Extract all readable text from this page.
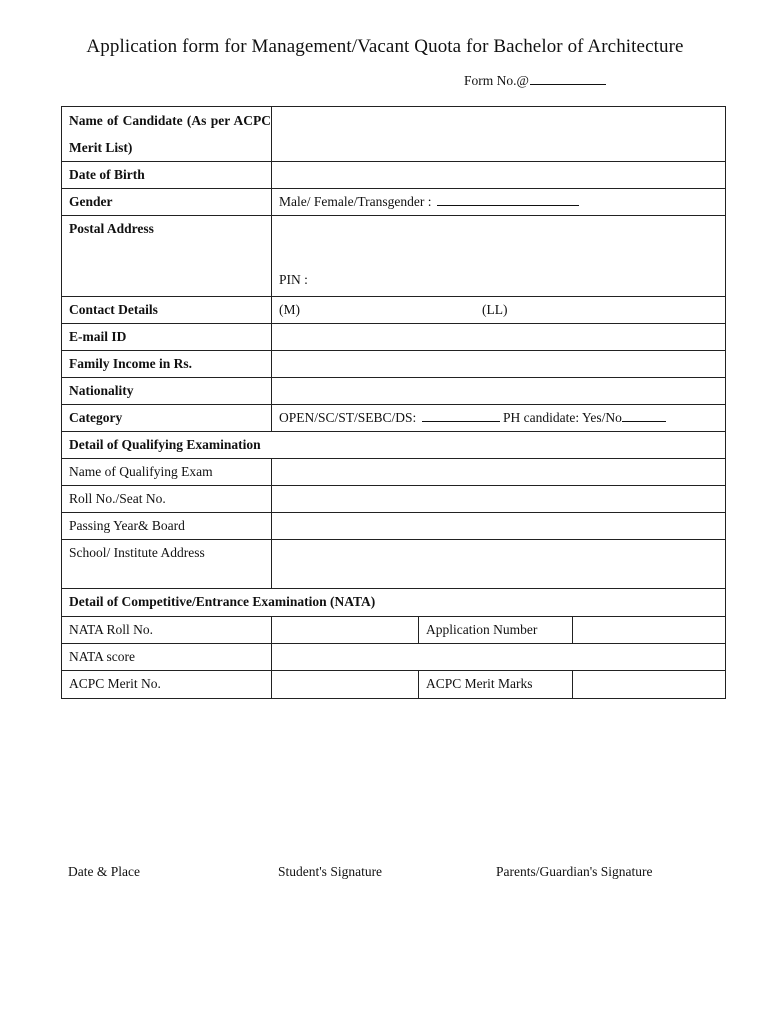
Application form for Management/Vacant Quota for Bachelor of Architecture
Form No.@
Name of Candidate (As per ACPC Merit List)			
Date of Birth			
Gender	Male/ Female/Transgender :		
Postal Address	PIN :		

Contact Details	(M) (LL)		

E-mail ID			
Family Income in Rs.			
Nationality			
Category	OPEN/SC/ST/SEBC/DS: PH candidate: Yes/No		
Detail of Qualifying Examination			
Name of Qualifying Exam			
Roll No./Seat No.			
Passing Year& Board			
School/ Institute Address			
Detail of Competitive/Entrance Examination (NATA)			
NATA Roll No.		Application Number	
NATA score			
ACPC Merit No.		ACPC Merit Marks	
Date & Place	Student's Signature	Parents/Guardian's Signature
